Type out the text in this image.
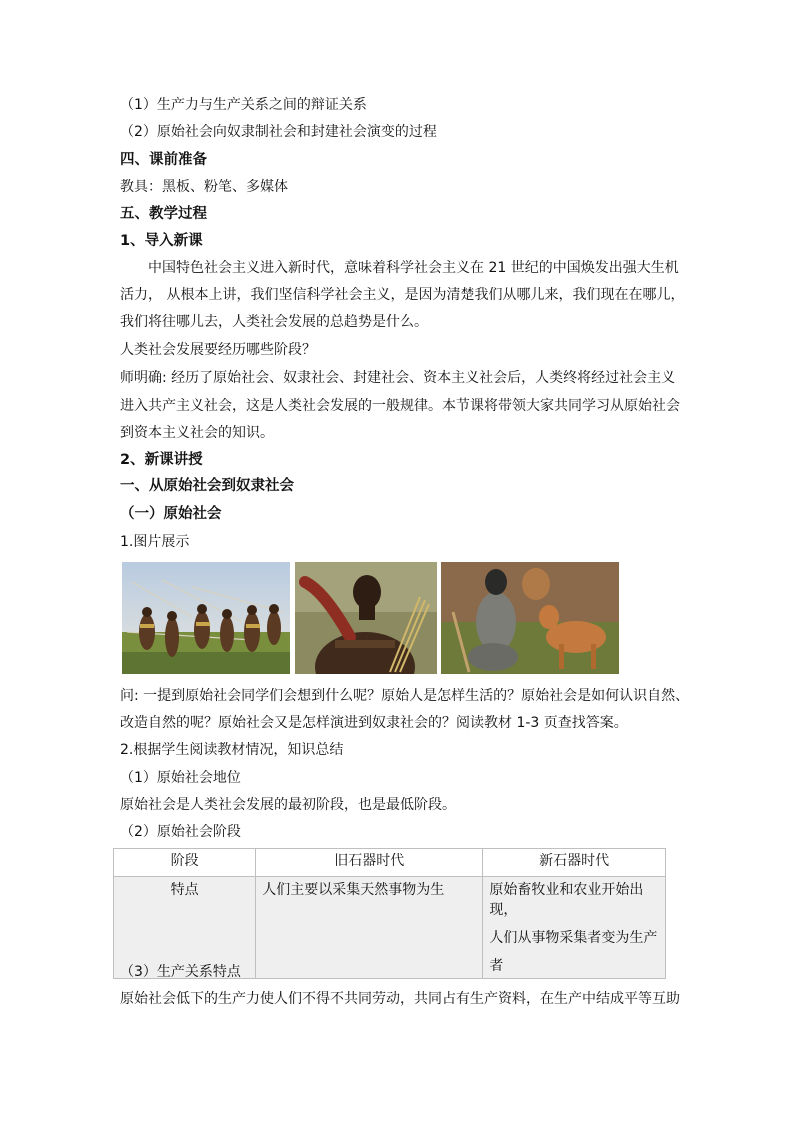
（1）生产力与生产关系之间的辩证关系
（2）原始社会向奴隶制社会和封建社会演变的过程
四、课前准备
教具：黑板、粉笔、多媒体
五、教学过程
1、导入新课
中国特色社会主义进入新时代，意味着科学社会主义在 21 世纪的中国焕发出强大生机
活力， 从根本上讲，我们坚信科学社会主义，是因为清楚我们从哪儿来，我们现在在哪儿，
我们将往哪儿去，人类社会发展的总趋势是什么。
人类社会发展要经历哪些阶段？
师明确: 经历了原始社会、奴隶社会、封建社会、资本主义社会后，人类终将经过社会主义
进入共产主义社会，这是人类社会发展的一般规律。本节课将带领大家共同学习从原始社会
到资本主义社会的知识。
2、新课讲授
一、从原始社会到奴隶社会
（一）原始社会
1.图片展示
问: 一提到原始社会同学们会想到什么呢？原始人是怎样生活的？原始社会是如何认识自然、
改造自然的呢？原始社会又是怎样演进到奴隶社会的？阅读教材 1-3 页查找答案。
2.根据学生阅读教材情况，知识总结
（1）原始社会地位
原始社会是人类社会发展的最初阶段，也是最低阶段。
（2）原始社会阶段
阶段	旧石器时代	新石器时代
特点	人们主要以采集天然事物为生	原始畜牧业和农业开始出现，
人们从事物采集者变为生产
者
（3）生产关系特点
原始社会低下的生产力使人们不得不共同劳动，共同占有生产资料，在生产中结成平等互助
